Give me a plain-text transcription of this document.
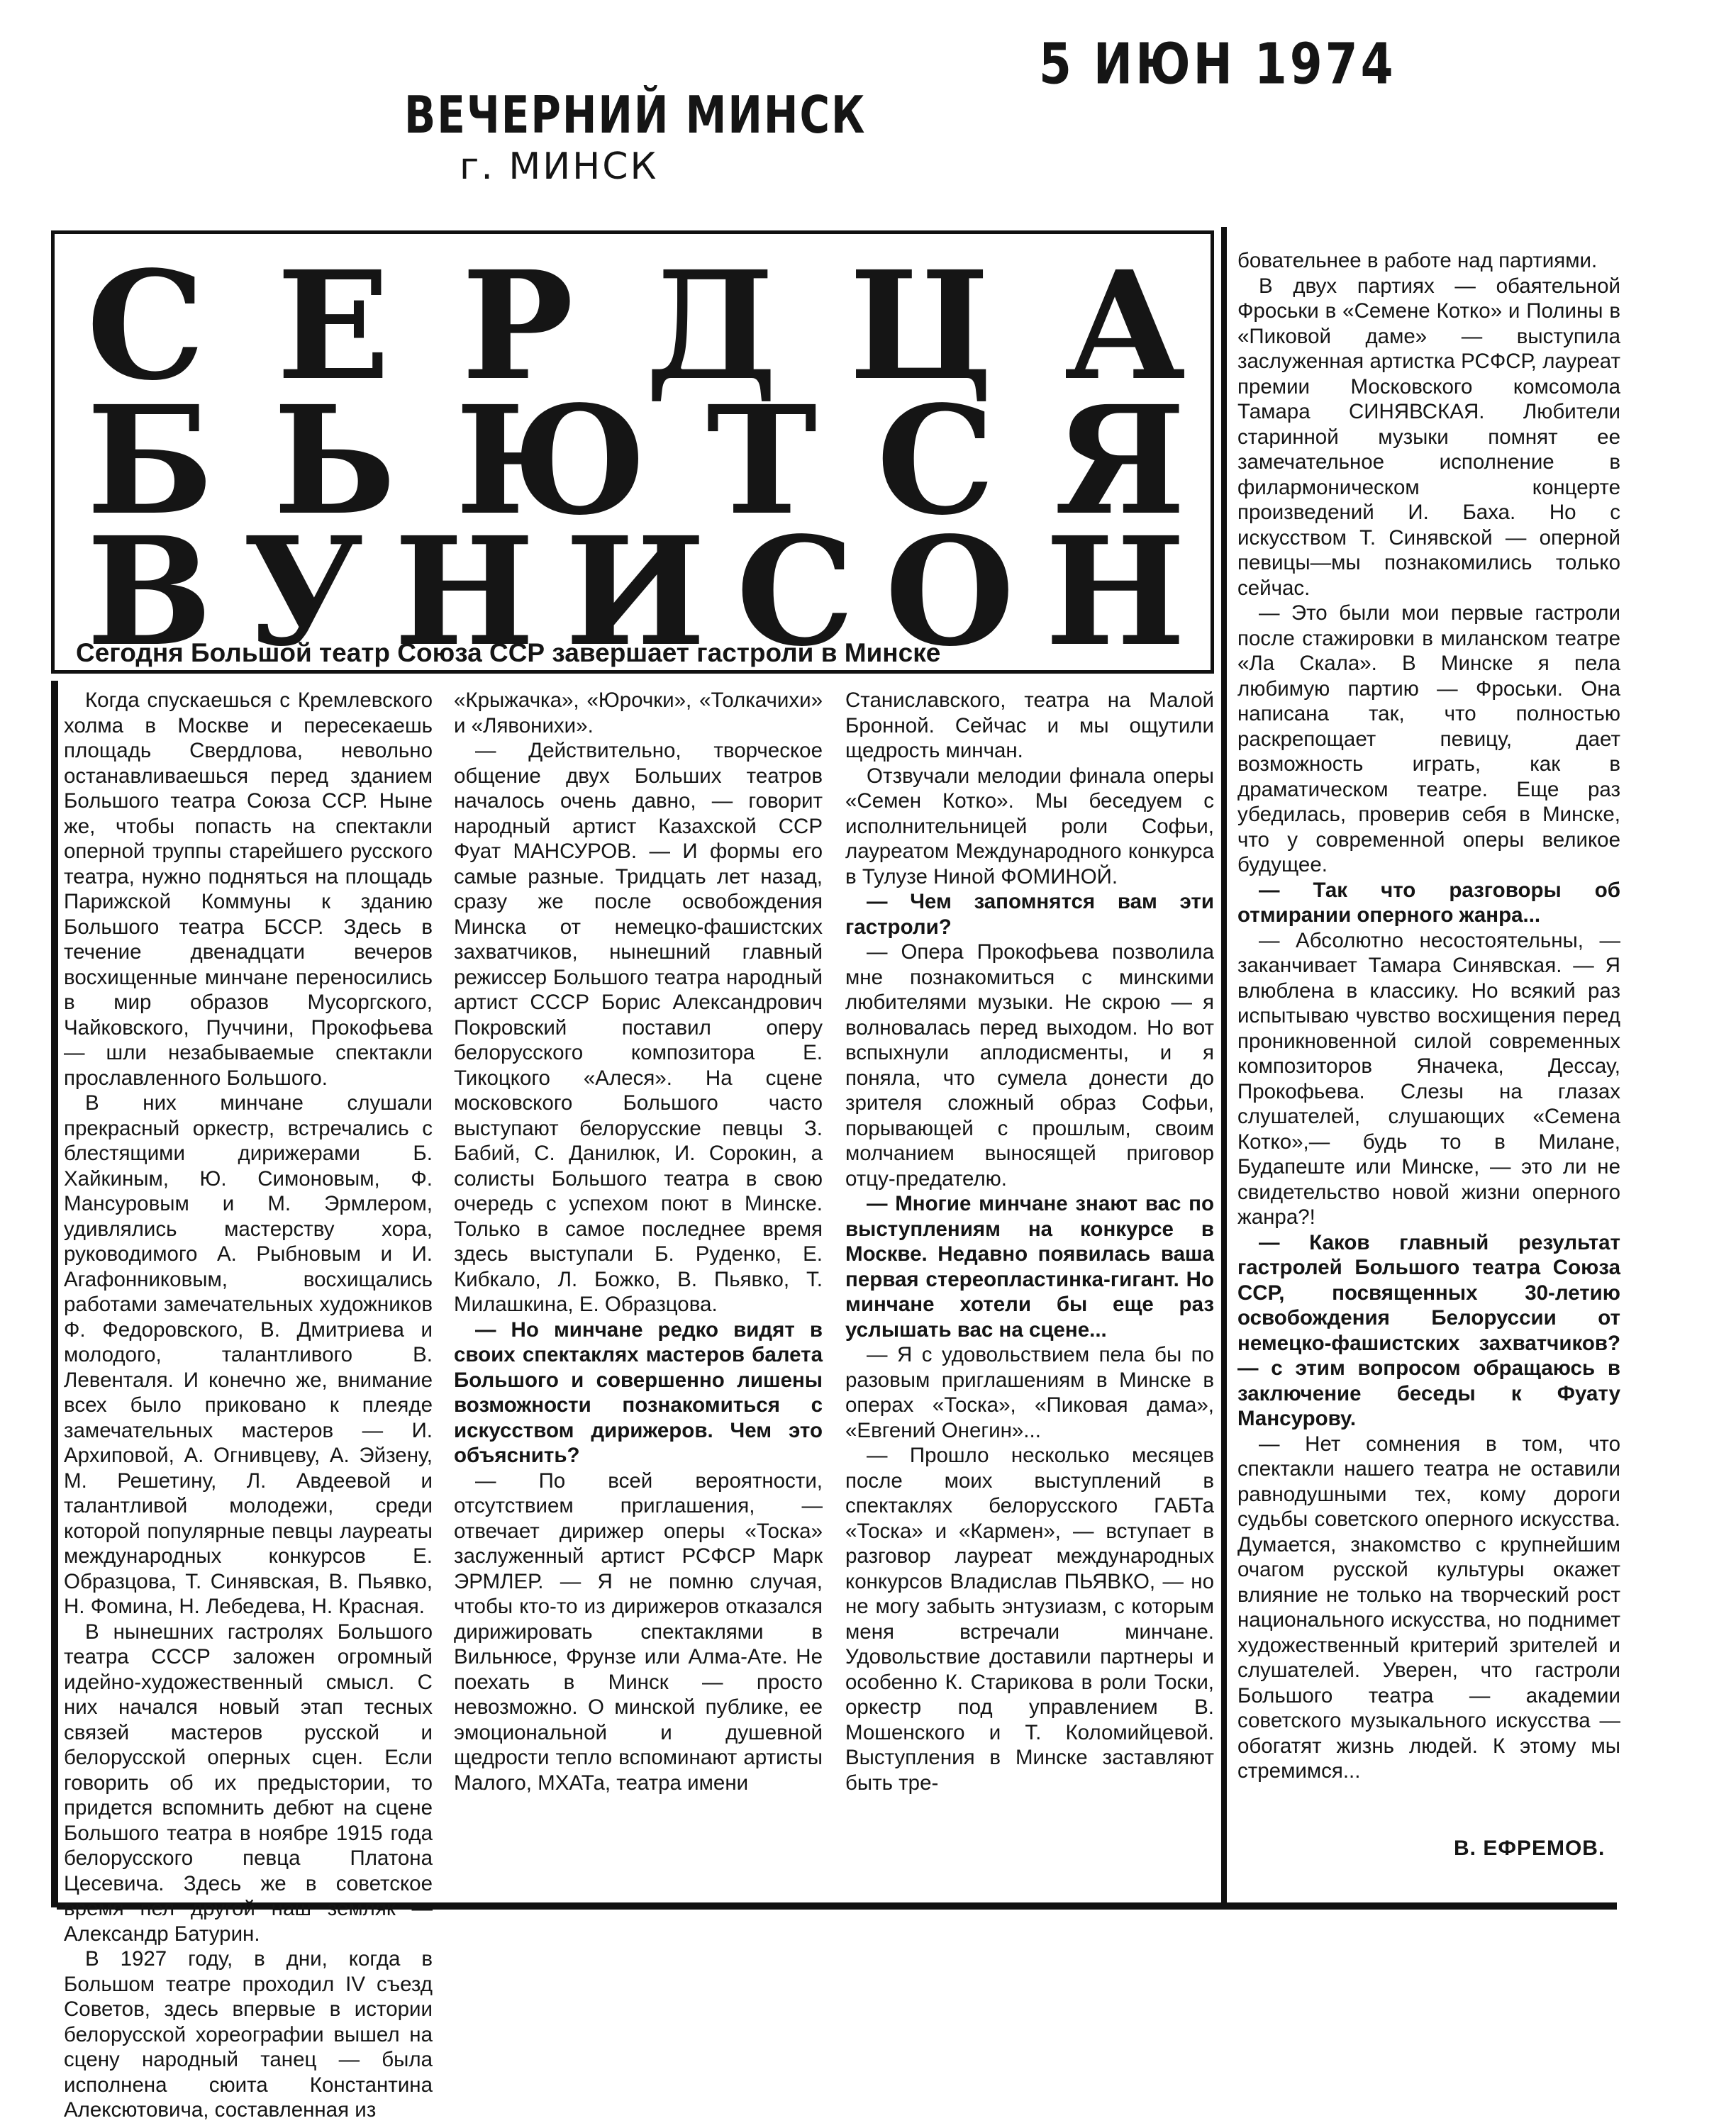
ВЕЧЕРНИЙ МИНСК
г. МИНСК
5 ИЮН 1974
С Е Р Д Ц А
Б Ь Ю Т С Я
В У Н И С О Н
Сегодня Большой театр Союза ССР завершает гастроли в Минске

Когда спускаешься с Кремлевского холма в Москве и пересекаешь площадь Свердлова, невольно останавливаешься перед зданием Большого театра Союза ССР. Ныне же, чтобы попасть на спектакли оперной труппы старейшего русского театра, нужно подняться на площадь Парижской Коммуны к зданию Большого театра БССР. Здесь в течение двенадцати вечеров восхищенные минчане переносились в мир образов Мусоргского, Чайковского, Пуччини, Прокофьева — шли незабываемые спектакли прославленного Большого.

В них минчане слушали прекрасный оркестр, встречались с блестящими дирижерами Б. Хайкиным, Ю. Симоновым, Ф. Мансуровым и М. Эрмлером, удивлялись мастерству хора, руководимого А. Рыбновым и И. Агафонниковым, восхищались работами замечательных художников Ф. Федоровского, В. Дмитриева и молодого, талантливого В. Левенталя. И конечно же, внимание всех было приковано к плеяде замечательных мастеров — И. Архиповой, А. Огнивцеву, А. Эйзену, М. Решетину, Л. Авдеевой и талантливой молодежи, среди которой популярные певцы лауреаты международных конкурсов Е. Образцова, Т. Синявская, В. Пьявко, Н. Фомина, Н. Лебедева, Н. Красная.

В нынешних гастролях Большого театра СССР заложен огромный идейно-художественный смысл. С них начался новый этап тесных связей мастеров русской и белорусской оперных сцен. Если говорить об их предыстории, то придется вспомнить дебют на сцене Большого театра в ноябре 1915 года белорусского певца Платона Цесевича. Здесь же в советское время пел другой наш земляк — Александр Батурин.

В 1927 году, в дни, когда в Большом театре проходил IV съезд Советов, здесь впервые в истории белорусской хореографии вышел на сцену народный танец — была исполнена сюита Константина Алексютовича, составленная из

«Крыжачка», «Юрочки», «Толкачихи» и «Лявонихи».

— Действительно, творческое общение двух Больших театров началось очень давно, — говорит народный артист Казахской ССР Фуат МАНСУРОВ. — И формы его самые разные. Тридцать лет назад, сразу же после освобождения Минска от немецко-фашистских захватчиков, нынешний главный режиссер Большого театра народный артист СССР Борис Александрович Покровский поставил оперу белорусского композитора Е. Тикоцкого «Алеся». На сцене московского Большого часто выступают белорусские певцы З. Бабий, С. Данилюк, И. Сорокин, а солисты Большого театра в свою очередь с успехом поют в Минске. Только в самое последнее время здесь выступали Б. Руденко, Е. Кибкало, Л. Божко, В. Пьявко, Т. Милашкина, Е. Образцова.

— Но минчане редко видят в своих спектаклях мастеров балета Большого и совершенно лишены возможности познакомиться с искусством дирижеров. Чем это объяснить?

— По всей вероятности, отсутствием приглашения, — отвечает дирижер оперы «Тоска» заслуженный артист РСФСР Марк ЭРМЛЕР. — Я не помню случая, чтобы кто-то из дирижеров отказался дирижировать спектаклями в Вильнюсе, Фрунзе или Алма-Ате. Не поехать в Минск — просто невозможно. О минской публике, ее эмоциональной и душевной щедрости тепло вспоминают артисты Малого, МХАТа, театра имени

Станиславского, театра на Малой Бронной. Сейчас и мы ощутили щедрость минчан.

Отзвучали мелодии финала оперы «Семен Котко». Мы беседуем с исполнительницей роли Софьи, лауреатом Международного конкурса в Тулузе Ниной ФОМИНОЙ.

— Чем запомнятся вам эти гастроли?

— Опера Прокофьева позволила мне познакомиться с минскими любителями музыки. Не скрою — я волновалась перед выходом. Но вот вспыхнули аплодисменты, и я поняла, что сумела донести до зрителя сложный образ Софьи, порывающей с прошлым, своим молчанием выносящей приговор отцу-предателю.

— Многие минчане знают вас по выступлениям на конкурсе в Москве. Недавно появилась ваша первая стереопластинка-гигант. Но минчане хотели бы еще раз услышать вас на сцене...

— Я с удовольствием пела бы по разовым приглашениям в Минске в операх «Тоска», «Пиковая дама», «Евгений Онегин»...

— Прошло несколько месяцев после моих выступлений в спектаклях белорусского ГАБТа «Тоска» и «Кармен», — вступает в разговор лауреат международных конкурсов Владислав ПЬЯВКО, — но не могу забыть энтузиазм, с которым меня встречали минчане. Удовольствие доставили партнеры и особенно К. Старикова в роли Тоски, оркестр под управлением В. Мошенского и Т. Коломийцевой. Выступления в Минске заставляют быть тре-

бовательнее в работе над партиями.

В двух партиях — обаятельной Фроськи в «Семене Котко» и Полины в «Пиковой даме» — выступила заслуженная артистка РСФСР, лауреат премии Московского комсомола Тамара СИНЯВСКАЯ. Любители старинной музыки помнят ее замечательное исполнение в филармоническом концерте произведений И. Баха. Но с искусством Т. Синявской — оперной певицы—мы познакомились только сейчас.

— Это были мои первые гастроли после стажировки в миланском театре «Ла Скала». В Минске я пела любимую партию — Фроськи. Она написана так, что полностью раскрепощает певицу, дает возможность играть, как в драматическом театре. Еще раз убедилась, проверив себя в Минске, что у современной оперы великое будущее.

— Так что разговоры об отмирании оперного жанра...

— Абсолютно несостоятельны, — заканчивает Тамара Синявская. — Я влюблена в классику. Но всякий раз испытываю чувство восхищения перед проникновенной силой современных композиторов Яначека, Дессау, Прокофьева. Слезы на глазах слушателей, слушающих «Семена Котко»,— будь то в Милане, Будапеште или Минске, — это ли не свидетельство новой жизни оперного жанра?!

— Каков главный результат гастролей Большого театра Союза ССР, посвященных 30-летию освобождения Белоруссии от немецко-фашистских захватчиков? — с этим вопросом обращаюсь в заключение беседы к Фуату Мансурову.

— Нет сомнения в том, что спектакли нашего театра не оставили равнодушными тех, кому дороги судьбы советского оперного искусства. Думается, знакомство с крупнейшим очагом русской культуры окажет влияние не только на творческий рост национального искусства, но поднимет художественный критерий зрителей и слушателей. Уверен, что гастроли Большого театра — академии советского музыкального искусства — обогатят жизнь людей. К этому мы стремимся...

В. ЕФРЕМОВ.
